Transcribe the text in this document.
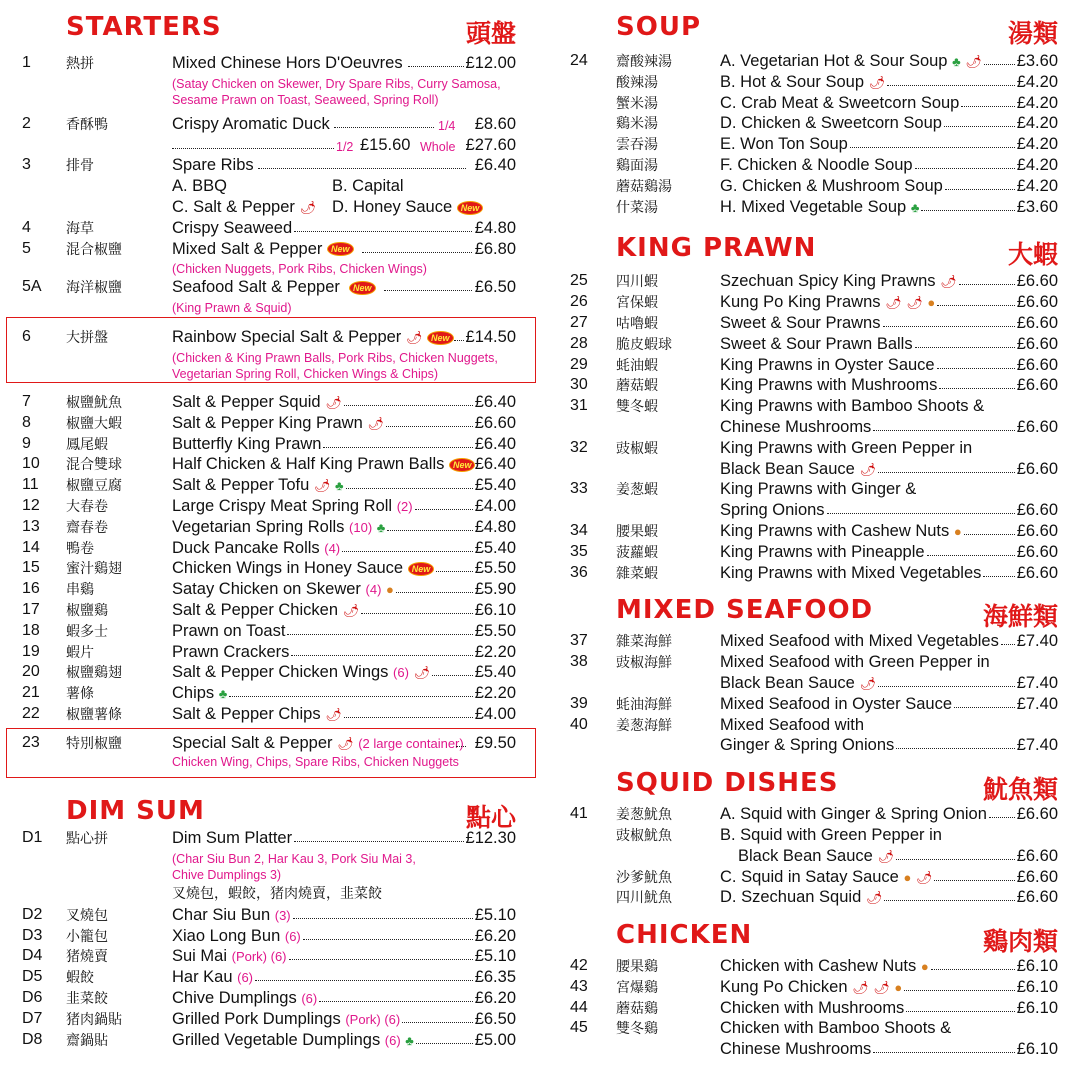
STARTERS	頭盤
1	熱拼	Mixed Chinese Hors D'Oeuvres	£12.00
(Satay Chicken on Skewer, Dry Spare Ribs, Curry Samosa, Sesame Prawn on Toast, Seaweed, Spring Roll)
2	香酥鴨	Crispy Aromatic Duck	1/4 £8.60
1/2 £15.60 Whole £27.60
3	排骨	Spare Ribs	£6.40
A. BBQ	B. Capital
C. Salt & Pepper 🌶 D. Honey Sauce New
4	海草	Crispy Seaweed	£4.80
5	混合椒鹽	Mixed Salt & Pepper New	£6.80
(Chicken Nuggets, Pork Ribs, Chicken Wings)
5A 海洋椒鹽	Seafood Salt & Pepper New	£6.50
(King Prawn & Squid)
6	大拼盤	Rainbow Special Salt & Pepper 🌶 New £14.50
(Chicken & King Prawn Balls, Pork Ribs, Chicken Nuggets, Vegetarian Spring Roll, Chicken Wings & Chips)
7	椒鹽魷魚	Salt & Pepper Squid 🌶	£6.40
8	椒鹽大蝦	Salt & Pepper King Prawn 🌶	£6.60
9	鳳尾蝦	Butterfly King Prawn	£6.40
10 混合雙球	Half Chicken & Half King Prawn Balls New £6.40
11 椒鹽豆腐	Salt & Pepper Tofu 🌶 ♣	£5.40
12 大春卷	Large Crispy Meat Spring Roll (2)	£4.00
13 齋春卷	Vegetarian Spring Rolls (10) ♣	£4.80
14 鴨卷	Duck Pancake Rolls (4)	£5.40
15 蜜汁鷄翅	Chicken Wings in Honey Sauce New	£5.50
16 串鷄	Satay Chicken on Skewer (4) ●	£5.90
17 椒鹽鷄	Salt & Pepper Chicken 🌶	£6.10
18 蝦多士	Prawn on Toast	£5.50
19 蝦片	Prawn Crackers	£2.20
20 椒鹽鷄翅	Salt & Pepper Chicken Wings (6) 🌶	£5.40
21 薯條	Chips ♣	£2.20
22 椒鹽薯條	Salt & Pepper Chips 🌶	£4.00
23 特別椒鹽	Special Salt & Pepper 🌶 (2 large container) £9.50
Chicken Wing, Chips, Spare Ribs, Chicken Nuggets
DIM SUM	點心
D1 點心拼	Dim Sum Platter	£12.30
(Char Siu Bun 2, Har Kau 3, Pork Siu Mai 3, Chive Dumplings 3)
叉燒包，蝦餃，猪肉燒賣，韭菜餃
D2 叉燒包	Char Siu Bun (3)	£5.10
D3 小籠包	Xiao Long Bun (6)	£6.20
D4 猪燒賣	Sui Mai (Pork) (6)	£5.10
D5 蝦餃	Har Kau (6)	£6.35
D6 韭菜餃	Chive Dumplings (6)	£6.20
D7 猪肉鍋貼	Grilled Pork Dumplings (Pork) (6)	£6.50
D8 齋鍋貼	Grilled Vegetable Dumplings (6) ♣	£5.00
SOUP	湯類
24 齋酸辣湯	A. Vegetarian Hot & Sour Soup ♣ 🌶 £3.60
酸辣湯	B. Hot & Sour Soup 🌶	£4.20
蟹米湯	C. Crab Meat & Sweetcorn Soup	£4.20
鷄米湯	D. Chicken & Sweetcorn Soup	£4.20
雲吞湯	E. Won Ton Soup	£4.20
鷄面湯	F. Chicken & Noodle Soup	£4.20
蘑菇鷄湯	G. Chicken & Mushroom Soup	£4.20
什菜湯	H. Mixed Vegetable Soup ♣	£3.60
KING PRAWN	大蝦
25 四川蝦	Szechuan Spicy King Prawns 🌶	£6.60
26 宮保蝦	Kung Po King Prawns 🌶 🌶 ●	£6.60
27 咕嚕蝦	Sweet & Sour Prawns	£6.60
28 脆皮蝦球	Sweet & Sour Prawn Balls	£6.60
29 蚝油蝦	King Prawns in Oyster Sauce	£6.60
30 蘑菇蝦	King Prawns with Mushrooms	£6.60
31 雙冬蝦	King Prawns with Bamboo Shoots &
Chinese Mushrooms	£6.60
32 豉椒蝦	King Prawns with Green Pepper in
Black Bean Sauce 🌶	£6.60
33 姜葱蝦	King Prawns with Ginger &
Spring Onions	£6.60
34 腰果蝦	King Prawns with Cashew Nuts ●	£6.60
35 菠蘿蝦	King Prawns with Pineapple	£6.60
36 雜菜蝦	King Prawns with Mixed Vegetables £6.60
MIXED SEAFOOD	海鮮類
37 雜菜海鮮	Mixed Seafood with Mixed Vegetables £7.40
38 豉椒海鮮	Mixed Seafood with Green Pepper in
Black Bean Sauce 🌶	£7.40
39 蚝油海鮮	Mixed Seafood in Oyster Sauce	£7.40
40 姜葱海鮮	Mixed Seafood with
Ginger & Spring Onions	£7.40
SQUID DISHES	魷魚類
41 姜葱魷魚	A. Squid with Ginger & Spring Onion £6.60
豉椒魷魚	B. Squid with Green Pepper in
Black Bean Sauce 🌶	£6.60
沙爹魷魚	C. Squid in Satay Sauce ● 🌶	£6.60
四川魷魚	D. Szechuan Squid 🌶	£6.60
CHICKEN	鷄肉類
42 腰果鷄	Chicken with Cashew Nuts ●	£6.10
43 宮爆鷄	Kung Po Chicken 🌶 🌶 ●	£6.10
44 蘑菇鷄	Chicken with Mushrooms	£6.10
45 雙冬鷄	Chicken with Bamboo Shoots &
Chinese Mushrooms	£6.10
